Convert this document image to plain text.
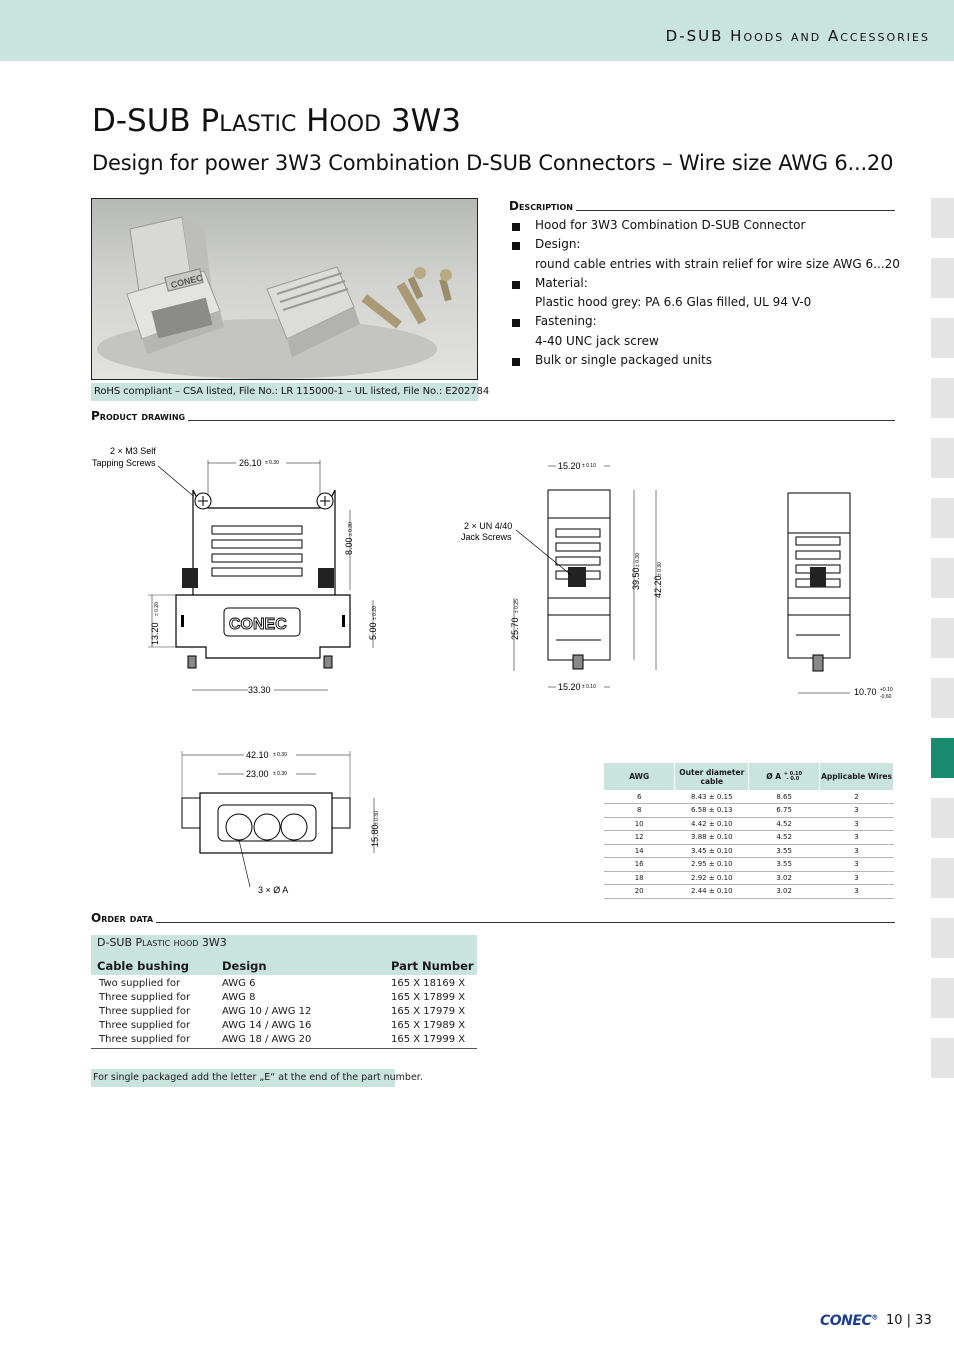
D-SUB Hoods and Accessories
D-SUB Plastic Hood 3W3
Design for power 3W3 Combination D-SUB Connectors – Wire size AWG 6...20
CONEC
RoHS compliant – CSA listed, File No.: LR 115000-1 – UL listed, File No.: E202784
Description
Hood for 3W3 Combination D-SUB Connector
Design:
round cable entries with strain relief for wire size AWG 6...20
Material:
Plastic hood grey: PA 6.6 Glas filled, UL 94 V-0
Fastening:
4-40 UNC jack screw
Bulk or single packaged units
Product drawing
2 × M3 Self
Tapping Screws	26.10 ± 0.30
CONEC
8.00
± 0.30
13.20
± 0.20
5.00
± 0.20
33.30
15.20 ± 0.10
2 × UN 4/40
Jack Screws
39.50
± 0.30
42.20
± 0.30
25.70
± 0.25
15.20 ± 0.10	10.70 +0.10
-0.60
42.10 ± 0.30
23.00 ± 0.30
15.80
± 0.30
3 × Ø A
AWG	Outer diameter cable	Ø A + 0.10
- 0.0	Applicable Wires
6	8.43 ± 0.15	8.65	2
8	6.58 ± 0.13	6.75	3
10	4.42 ± 0.10	4.52	3
12	3.88 ± 0.10	4.52	3
14	3.45 ± 0.10	3.55	3
16	2.95 ± 0.10	3.55	3
18	2.92 ± 0.10	3.02	3
20	2.44 ± 0.10	3.02	3
Order data
D-SUB Plastic hood 3W3
Cable bushing	Design	Part Number
Two supplied for	AWG 6	165 X 18169 X
Three supplied for	AWG 8	165 X 17899 X
Three supplied for	AWG 10 / AWG 12	165 X 17979 X
Three supplied for	AWG 14 / AWG 16	165 X 17989 X
Three supplied for	AWG 18 / AWG 20	165 X 17999 X
For single packaged add the letter „E“ at the end of the part number.
CONEC® 10 | 33
